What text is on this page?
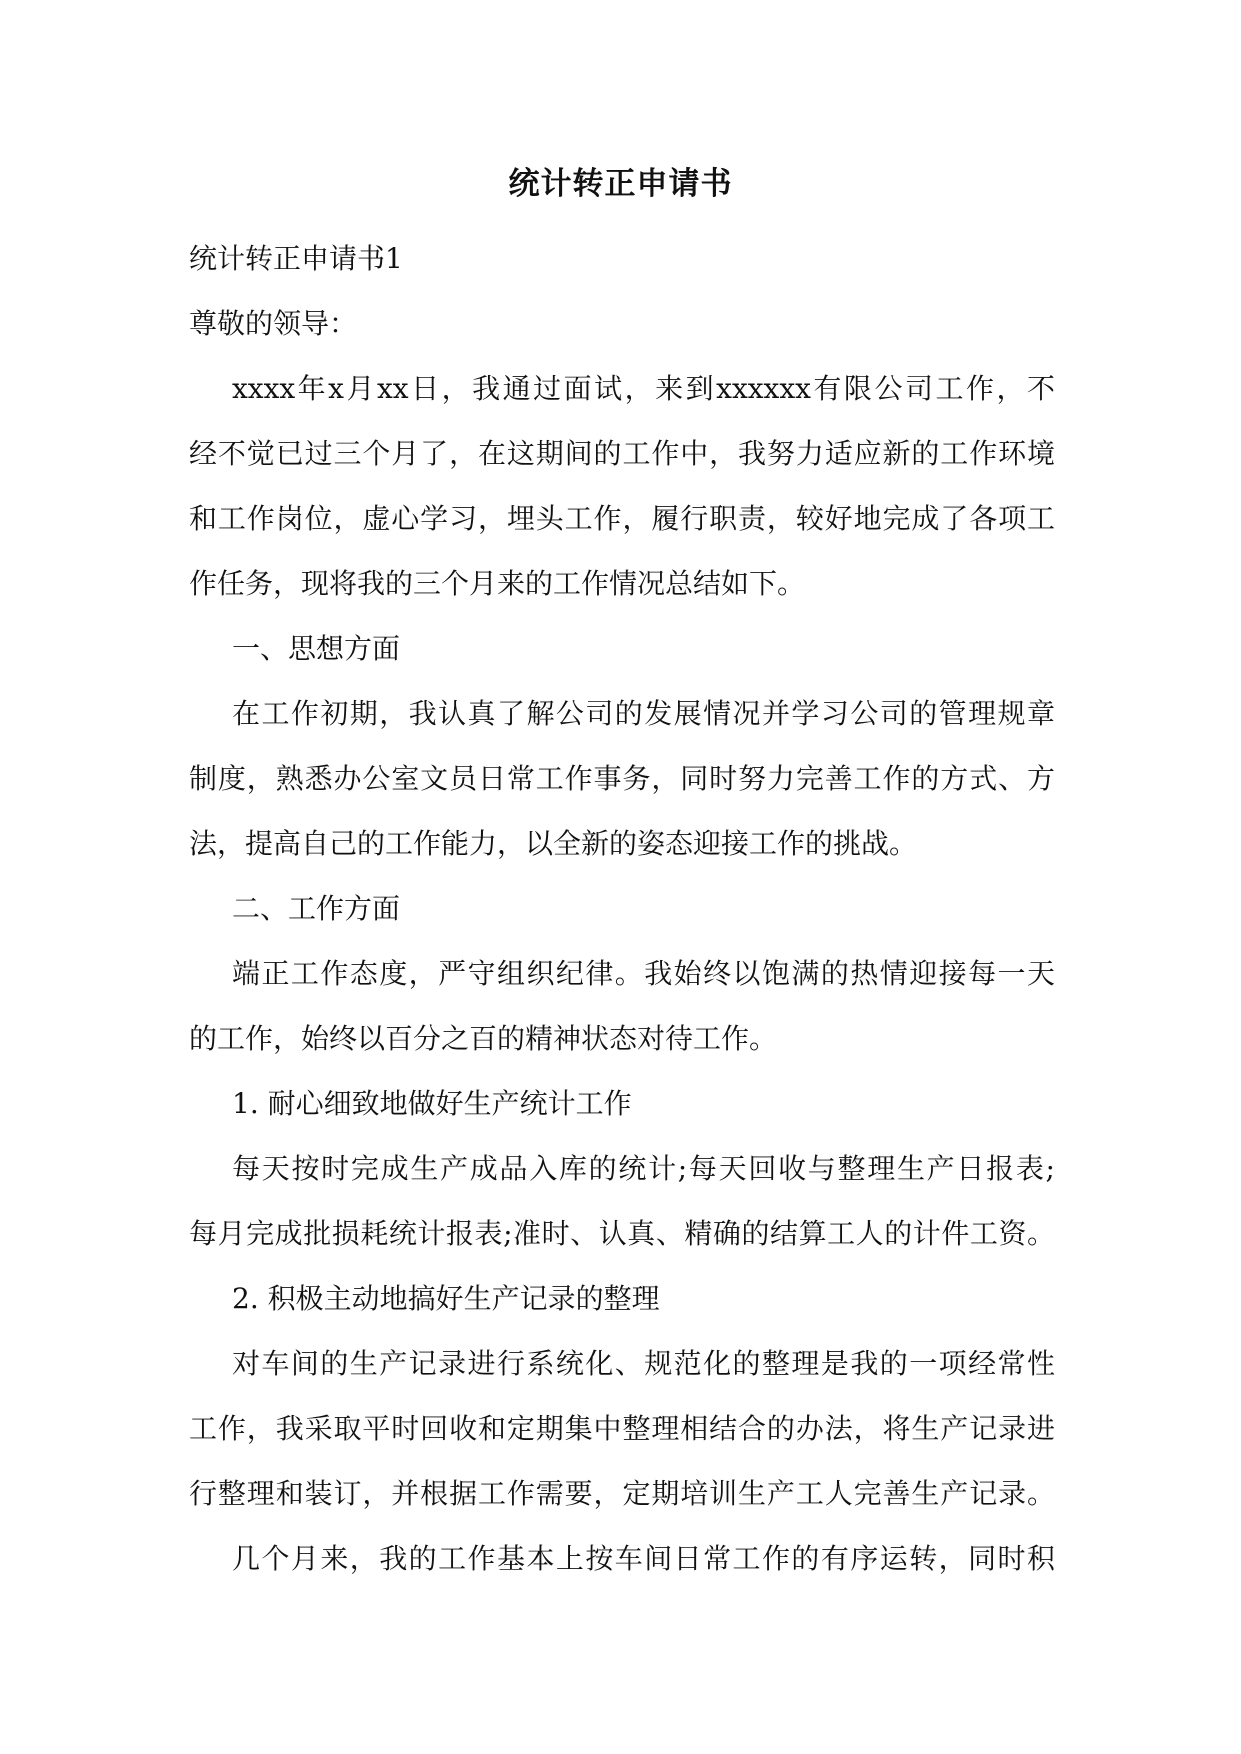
统计转正申请书
统计转正申请书1
尊敬的领导：
xxxx年x月xx日，我通过面试，来到xxxxxx有限公司工作，不
经不觉已过三个月了，在这期间的工作中，我努力适应新的工作环境
和工作岗位，虚心学习，埋头工作，履行职责，较好地完成了各项工
作任务，现将我的三个月来的工作情况总结如下。
一、思想方面
在工作初期，我认真了解公司的发展情况并学习公司的管理规章
制度，熟悉办公室文员日常工作事务，同时努力完善工作的方式、方
法，提高自己的工作能力，以全新的姿态迎接工作的挑战。
二、工作方面
端正工作态度，严守组织纪律。我始终以饱满的热情迎接每一天
的工作，始终以百分之百的精神状态对待工作。
1. 耐心细致地做好生产统计工作
每天按时完成生产成品入库的统计;每天回收与整理生产日报表;
每月完成批损耗统计报表;准时、认真、精确的结算工人的计件工资。
2. 积极主动地搞好生产记录的整理
对车间的生产记录进行系统化、规范化的整理是我的一项经常性
工作，我采取平时回收和定期集中整理相结合的办法，将生产记录进
行整理和装订，并根据工作需要，定期培训生产工人完善生产记录。
几个月来，我的工作基本上按车间日常工作的有序运转，同时积
